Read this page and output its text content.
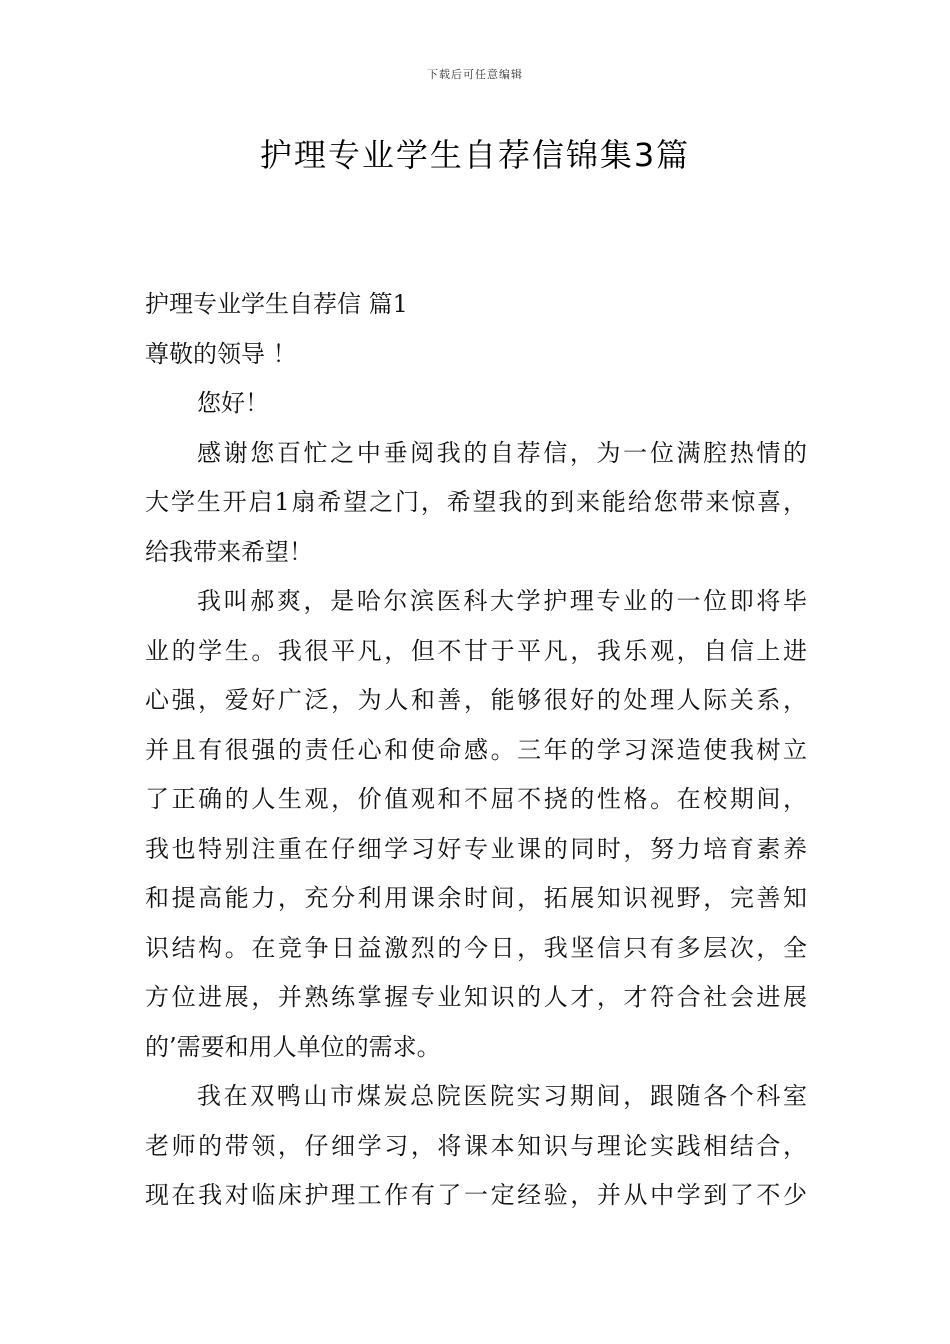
下载后可任意编辑
护理专业学生自荐信锦集3篇
护理专业学生自荐信 篇1
尊敬的领导 ！
您好！
感谢您百忙之中垂阅我的自荐信，为一位满腔热情的
大学生开启1扇希望之门，希望我的到来能给您带来惊喜，
给我带来希望！
我叫郝爽，是哈尔滨医科大学护理专业的一位即将毕
业的学生。我很平凡，但不甘于平凡，我乐观，自信上进
心强，爱好广泛，为人和善，能够很好的处理人际关系，
并且有很强的责任心和使命感。三年的学习深造使我树立
了正确的人生观，价值观和不屈不挠的性格。在校期间，
我也特别注重在仔细学习好专业课的同时，努力培育素养
和提高能力，充分利用课余时间，拓展知识视野，完善知
识结构。在竞争日益激烈的今日，我坚信只有多层次，全
方位进展，并熟练掌握专业知识的人才，才符合社会进展
的’需要和用人单位的需求。
我在双鸭山市煤炭总院医院实习期间，跟随各个科室
老师的带领，仔细学习，将课本知识与理论实践相结合，
现在我对临床护理工作有了一定经验，并从中学到了不少
